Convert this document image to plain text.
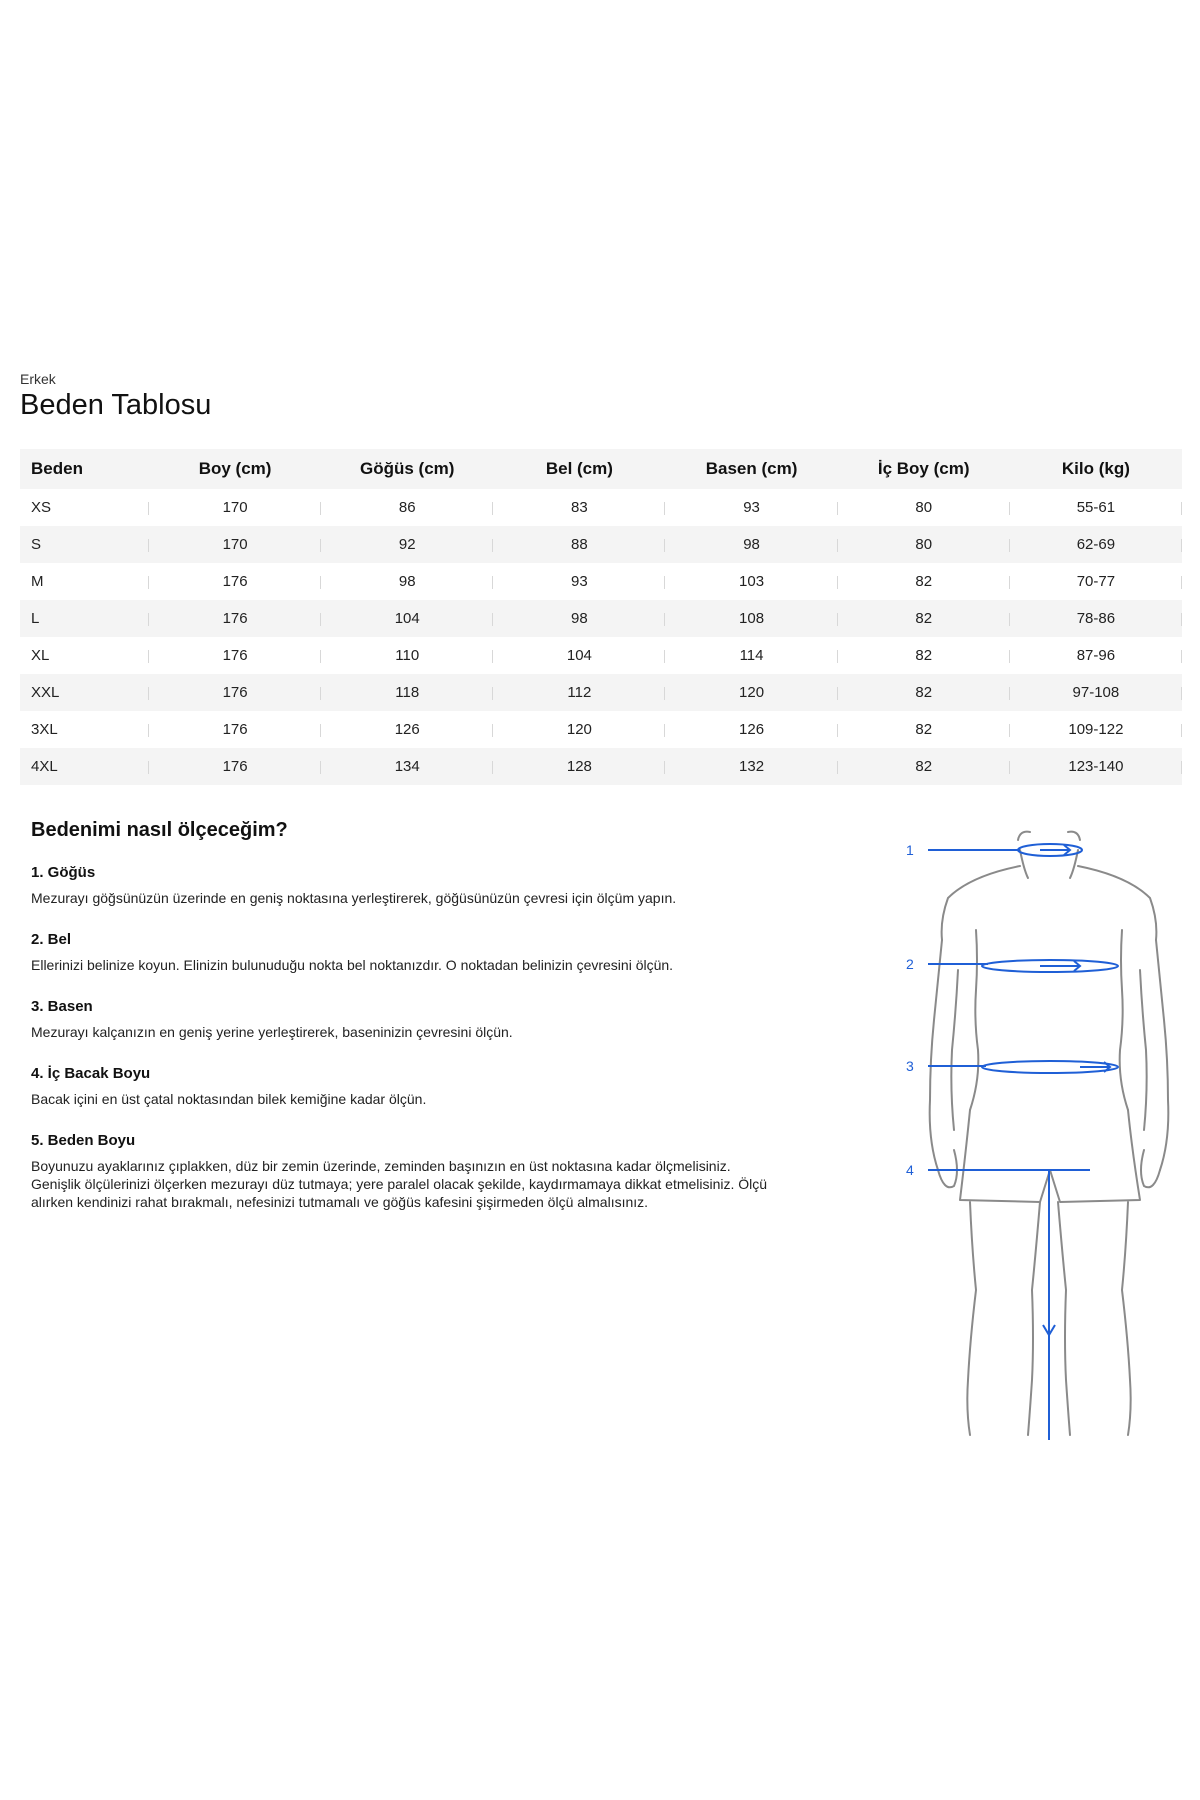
Erkek
Beden Tablosu
Beden	Boy (cm)	Göğüs (cm)	Bel (cm)	Basen (cm)	İç Boy (cm)	Kilo (kg)

XS	170	86	83	93	80	55-61

S	170	92	88	98	80	62-69

M	176	98	93	103	82	70-77

L	176	104	98	108	82	78-86

XL	176	110	104	114	82	87-96

XXL	176	118	112	120	82	97-108

3XL	176	126	120	126	82	109-122

4XL	176	134	128	132	82	123-140
Bedenimi nasıl ölçeceğim?
1. Göğüs

Mezurayı göğsünüzün üzerinde en geniş noktasına yerleştirerek, göğüsünüzün çevresi için ölçüm yapın.

2. Bel

Ellerinizi belinize koyun. Elinizin bulunuduğu nokta bel noktanızdır. O noktadan belinizin çevresini ölçün.

3. Basen

Mezurayı kalçanızın en geniş yerine yerleştirerek, baseninizin çevresini ölçün.

4. İç Bacak Boyu

Bacak içini en üst çatal noktasından bilek kemiğine kadar ölçün.

5. Beden Boyu

Boyunuzu ayaklarınız çıplakken, düz bir zemin üzerinde, zeminden başınızın en üst noktasına kadar ölçmelisiniz. Genişlik ölçülerinizi ölçerken mezurayı düz tutmaya; yere paralel olacak şekilde, kaydırmamaya dikkat etmelisiniz. Ölçü alırken kendinizi rahat bırakmalı, nefesinizi tutmamalı ve göğüs kafesini şişirmeden ölçü almalısınız.

1
2
3
4
